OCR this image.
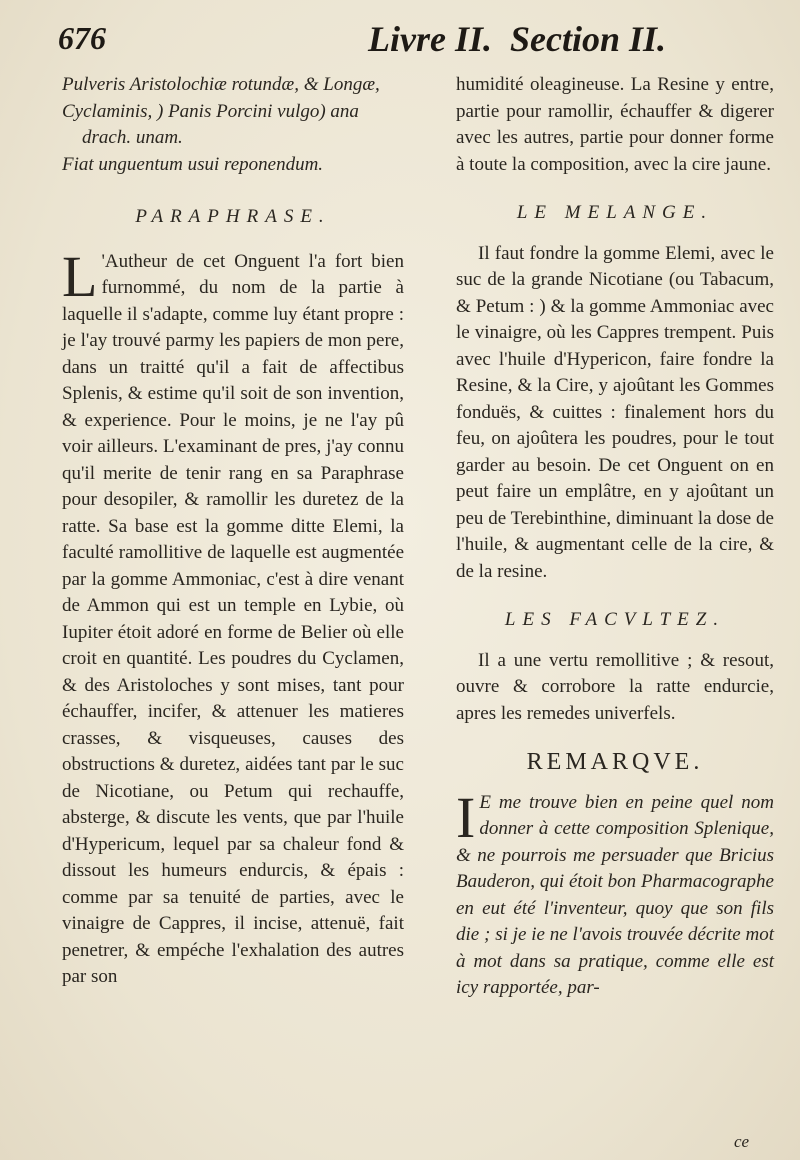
676	Livre II. Section II.

Pulveris Aristolochiæ rotundæ, & Longæ,

Cyclaminis, ) Panis Porcini vulgo) ana drach. unam.

Fiat unguentum usui reponendum.

PARAPHRASE.

L 'Autheur de cet Onguent l'a fort bien furnommé, du nom de la partie à laquelle il s'adapte, comme luy étant propre : je l'ay trouvé parmy les papiers de mon pere, dans un traitté qu'il a fait de affectibus Splenis, & estime qu'il soit de son invention, & experience. Pour le moins, je ne l'ay pû voir ailleurs. L'examinant de pres, j'ay connu qu'il merite de tenir rang en sa Paraphrase pour desopiler, & ramollir les duretez de la ratte. Sa base est la gomme ditte Elemi, la faculté ramollitive de laquelle est augmentée par la gomme Ammoniac, c'est à dire venant de Ammon qui est un temple en Lybie, où Iupiter étoit adoré en forme de Belier où elle croit en quantité. Les poudres du Cyclamen, & des Aristoloches y sont mises, tant pour échauffer, incifer, & attenuer les matieres crasses, & visqueuses, causes des obstructions & duretez, aidées tant par le suc de Nicotiane, ou Petum qui rechauffe, absterge, & discute les vents, que par l'huile d'Hypericum, lequel par sa chaleur fond & dissout les humeurs endurcis, & épais : comme par sa tenuité de parties, avec le vinaigre de Cappres, il incise, attenuë, fait penetrer, & empéche l'exhalation des autres par son

humidité oleagineuse. La Resine y entre, partie pour ramollir, échauffer & digerer avec les autres, partie pour donner forme à toute la composition, avec la cire jaune.

LE MELANGE.

Il faut fondre la gomme Elemi, avec le suc de la grande Nicotiane (ou Tabacum, & Petum : ) & la gomme Ammoniac avec le vinaigre, où les Cappres trempent. Puis avec l'huile d'Hypericon, faire fondre la Resine, & la Cire, y ajoûtant les Gommes fonduës, & cuittes : finalement hors du feu, on ajoûtera les poudres, pour le tout garder au besoin. De cet Onguent on en peut faire un emplâtre, en y ajoûtant un peu de Terebinthine, diminuant la dose de l'huile, & augmentant celle de la cire, & de la resine.

LES FACVLTEZ.

Il a une vertu remollitive ; & resout, ouvre & corrobore la ratte endurcie, apres les remedes univerfels.

REMARQVE.

I E me trouve bien en peine quel nom donner à cette composition Splenique, & ne pourrois me persuader que Bricius Bauderon, qui étoit bon Pharmacographe en eut été l'inventeur, quoy que son fils die ; si je ie ne l'avois trouvée décrite mot à mot dans sa pratique, comme elle est icy rapportée, par-

ce
